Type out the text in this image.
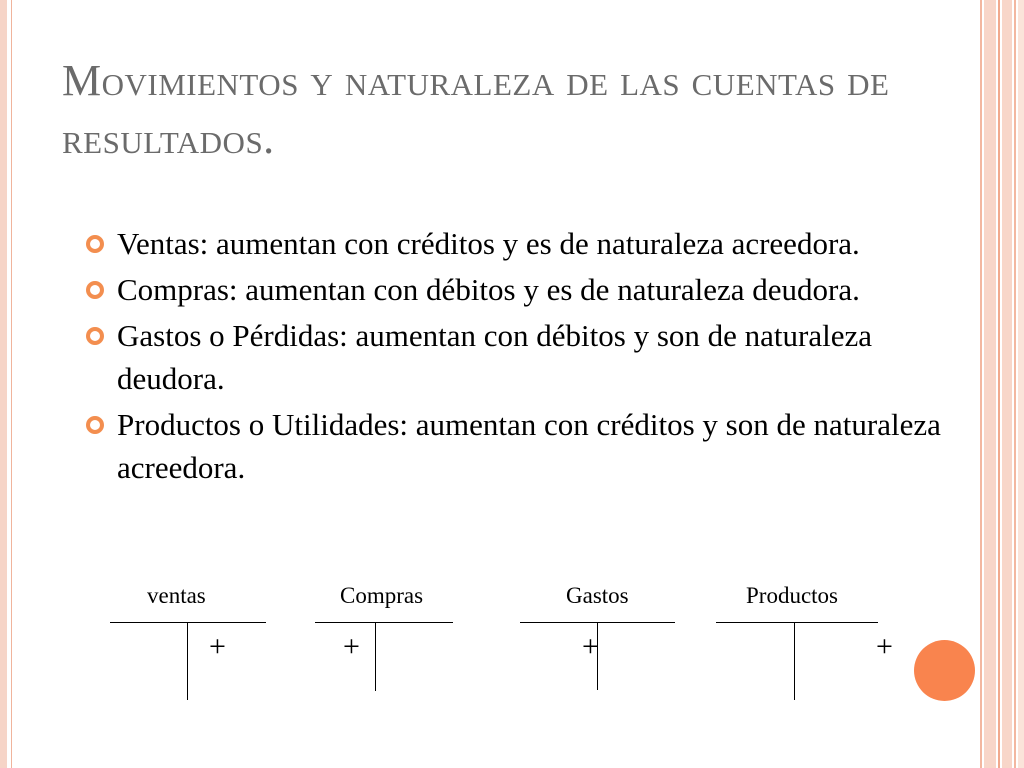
Movimientos y naturaleza de las cuentas de resultados.
Ventas: aumentan con créditos y es de naturaleza acreedora.
Compras: aumentan con débitos y es de naturaleza deudora.
Gastos o Pérdidas: aumentan con débitos y son de naturaleza deudora.
Productos o Utilidades: aumentan con créditos y son de naturaleza acreedora.
ventas
+
Compras
+
Gastos
+
Productos
+
